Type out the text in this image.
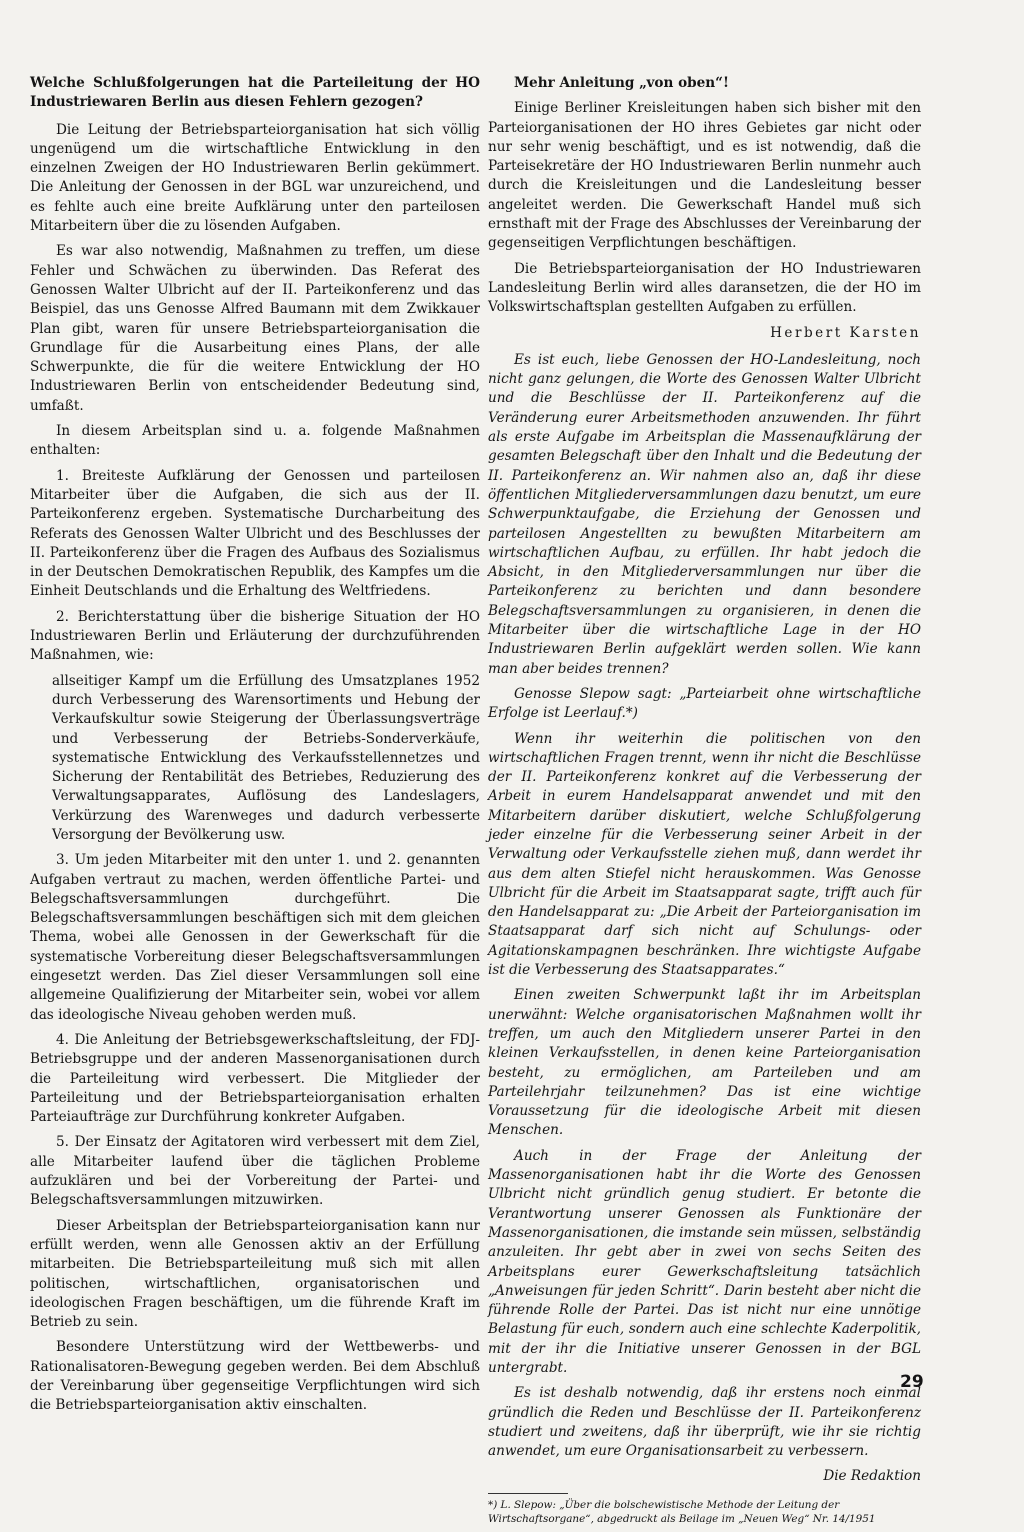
Welche Schlußfolgerungen hat die Parteileitung der HO Industriewaren Berlin aus diesen Fehlern gezogen?

Die Leitung der Betriebsparteiorganisation hat sich völlig ungenügend um die wirtschaftliche Entwicklung in den einzelnen Zweigen der HO Industriewaren Berlin gekümmert. Die Anleitung der Genossen in der BGL war unzureichend, und es fehlte auch eine breite Aufklärung unter den parteilosen Mitarbeitern über die zu lösenden Aufgaben.

Es war also notwendig, Maßnahmen zu treffen, um diese Fehler und Schwächen zu überwinden. Das Referat des Genossen Walter Ulbricht auf der II. Parteikonferenz und das Beispiel, das uns Genosse Alfred Baumann mit dem Zwikkauer Plan gibt, waren für unsere Betriebsparteiorganisation die Grundlage für die Ausarbeitung eines Plans, der alle Schwerpunkte, die für die weitere Entwicklung der HO Industriewaren Berlin von entscheidender Bedeutung sind, umfaßt.

In diesem Arbeitsplan sind u. a. folgende Maßnahmen enthalten:

1. Breiteste Aufklärung der Genossen und parteilosen Mitarbeiter über die Aufgaben, die sich aus der II. Parteikonferenz ergeben. Systematische Durcharbeitung des Referats des Genossen Walter Ulbricht und des Beschlusses der II. Parteikonferenz über die Fragen des Aufbaus des Sozialismus in der Deutschen Demokratischen Republik, des Kampfes um die Einheit Deutschlands und die Erhaltung des Weltfriedens.

2. Berichterstattung über die bisherige Situation der HO Industriewaren Berlin und Erläuterung der durchzuführenden Maßnahmen, wie:

allseitiger Kampf um die Erfüllung des Umsatzplanes 1952 durch Verbesserung des Warensortiments und Hebung der Verkaufskultur sowie Steigerung der Überlassungsverträge und Verbesserung der Betriebs-Sonderverkäufe, systematische Entwicklung des Verkaufsstellennetzes und Sicherung der Rentabilität des Betriebes, Reduzierung des Verwaltungsapparates, Auflösung des Landeslagers, Verkürzung des Warenweges und dadurch verbesserte Versorgung der Bevölkerung usw.

3. Um jeden Mitarbeiter mit den unter 1. und 2. genannten Aufgaben vertraut zu machen, werden öffentliche Partei- und Belegschaftsversammlungen durchgeführt. Die Belegschaftsversammlungen beschäftigen sich mit dem gleichen Thema, wobei alle Genossen in der Gewerkschaft für die systematische Vorbereitung dieser Belegschaftsversammlungen eingesetzt werden. Das Ziel dieser Versammlungen soll eine allgemeine Qualifizierung der Mitarbeiter sein, wobei vor allem das ideologische Niveau gehoben werden muß.

4. Die Anleitung der Betriebsgewerkschaftsleitung, der FDJ-Betriebsgruppe und der anderen Massenorganisationen durch die Parteileitung wird verbessert. Die Mitglieder der Parteileitung und der Betriebsparteiorganisation erhalten Parteiaufträge zur Durchführung konkreter Aufgaben.

5. Der Einsatz der Agitatoren wird verbessert mit dem Ziel, alle Mitarbeiter laufend über die täglichen Probleme aufzuklären und bei der Vorbereitung der Partei- und Belegschaftsversammlungen mitzuwirken.

Dieser Arbeitsplan der Betriebsparteiorganisation kann nur erfüllt werden, wenn alle Genossen aktiv an der Erfüllung mitarbeiten. Die Betriebsparteileitung muß sich mit allen politischen, wirtschaftlichen, organisatorischen und ideologischen Fragen beschäftigen, um die führende Kraft im Betrieb zu sein.

Besondere Unterstützung wird der Wettbewerbs- und Rationalisatoren-Bewegung gegeben werden. Bei dem Abschluß der Vereinbarung über gegenseitige Verpflichtungen wird sich die Betriebsparteiorganisation aktiv einschalten.

Mehr Anleitung „von oben“!

Einige Berliner Kreisleitungen haben sich bisher mit den Parteiorganisationen der HO ihres Gebietes gar nicht oder nur sehr wenig beschäftigt, und es ist notwendig, daß die Parteisekretäre der HO Industriewaren Berlin nunmehr auch durch die Kreisleitungen und die Landesleitung besser angeleitet werden. Die Gewerkschaft Handel muß sich ernsthaft mit der Frage des Abschlusses der Vereinbarung der gegenseitigen Verpflichtungen beschäftigen.

Die Betriebsparteiorganisation der HO Industriewaren Landesleitung Berlin wird alles daransetzen, die der HO im Volkswirtschaftsplan gestellten Aufgaben zu erfüllen.

Herbert Karsten

Es ist euch, liebe Genossen der HO-Landesleitung, noch nicht ganz gelungen, die Worte des Genossen Walter Ulbricht und die Beschlüsse der II. Parteikonferenz auf die Veränderung eurer Arbeitsmethoden anzuwenden. Ihr führt als erste Aufgabe im Arbeitsplan die Massenaufklärung der gesamten Belegschaft über den Inhalt und die Bedeutung der II. Parteikonferenz an. Wir nahmen also an, daß ihr diese öffentlichen Mitgliederversammlungen dazu benutzt, um eure Schwerpunktaufgabe, die Erziehung der Genossen und parteilosen Angestellten zu bewußten Mitarbeitern am wirtschaftlichen Aufbau, zu erfüllen. Ihr habt jedoch die Absicht, in den Mitgliederversammlungen nur über die Parteikonferenz zu berichten und dann besondere Belegschaftsversammlungen zu organisieren, in denen die Mitarbeiter über die wirtschaftliche Lage in der HO Industriewaren Berlin aufgeklärt werden sollen. Wie kann man aber beides trennen?

Genosse Slepow sagt: „Parteiarbeit ohne wirtschaftliche Erfolge ist Leerlauf.*)

Wenn ihr weiterhin die politischen von den wirtschaftlichen Fragen trennt, wenn ihr nicht die Beschlüsse der II. Parteikonferenz konkret auf die Verbesserung der Arbeit in eurem Handelsapparat anwendet und mit den Mitarbeitern darüber diskutiert, welche Schlußfolgerung jeder einzelne für die Verbesserung seiner Arbeit in der Verwaltung oder Verkaufsstelle ziehen muß, dann werdet ihr aus dem alten Stiefel nicht herauskommen. Was Genosse Ulbricht für die Arbeit im Staatsapparat sagte, trifft auch für den Handelsapparat zu: „Die Arbeit der Parteiorganisation im Staatsapparat darf sich nicht auf Schulungs- oder Agitationskampagnen beschränken. Ihre wichtigste Aufgabe ist die Verbesserung des Staatsapparates.“

Einen zweiten Schwerpunkt laßt ihr im Arbeitsplan unerwähnt: Welche organisatorischen Maßnahmen wollt ihr treffen, um auch den Mitgliedern unserer Partei in den kleinen Verkaufsstellen, in denen keine Parteiorganisation besteht, zu ermöglichen, am Parteileben und am Parteilehrjahr teilzunehmen? Das ist eine wichtige Voraussetzung für die ideologische Arbeit mit diesen Menschen.

Auch in der Frage der Anleitung der Massenorganisationen habt ihr die Worte des Genossen Ulbricht nicht gründlich genug studiert. Er betonte die Verantwortung unserer Genossen als Funktionäre der Massenorganisationen, die imstande sein müssen, selbständig anzuleiten. Ihr gebt aber in zwei von sechs Seiten des Arbeitsplans eurer Gewerkschaftsleitung tatsächlich „Anweisungen für jeden Schritt“. Darin besteht aber nicht die führende Rolle der Partei. Das ist nicht nur eine unnötige Belastung für euch, sondern auch eine schlechte Kaderpolitik, mit der ihr die Initiative unserer Genossen in der BGL untergrabt.

Es ist deshalb notwendig, daß ihr erstens noch einmal gründlich die Reden und Beschlüsse der II. Parteikonferenz studiert und zweitens, daß ihr überprüft, wie ihr sie richtig anwendet, um eure Organisationsarbeit zu verbessern.

Die Redaktion

*) L. Slepow: „Über die bolschewistische Methode der Leitung der Wirtschaftsorgane“, abgedruckt als Beilage im „Neuen Weg“ Nr. 14/1951

29
